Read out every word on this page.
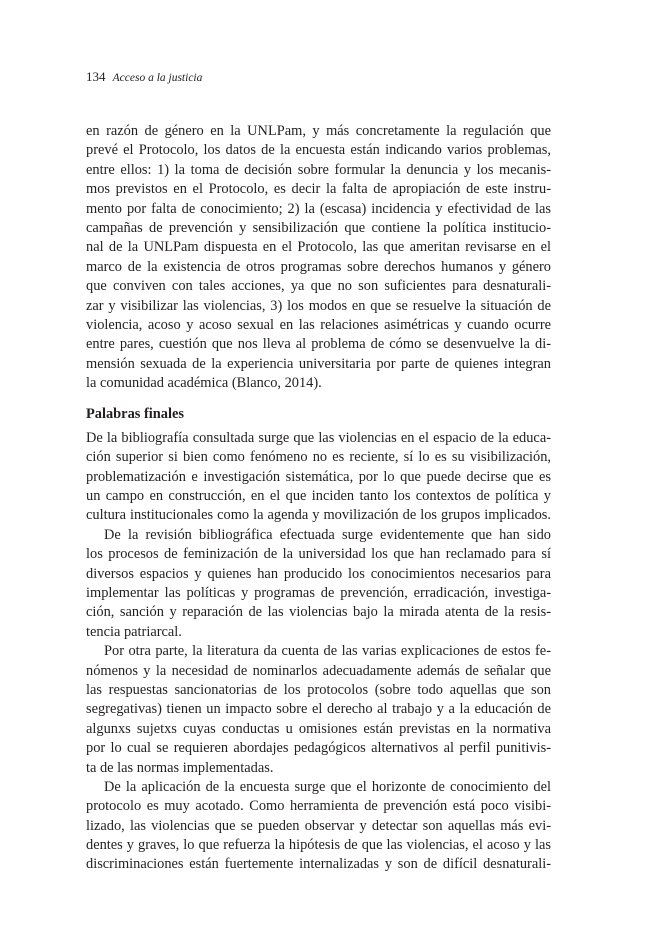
134 Acceso a la justicia
en razón de género en la UNLPam, y más concretamente la regulación que
prevé el Protocolo, los datos de la encuesta están indicando varios problemas,
entre ellos: 1) la toma de decisión sobre formular la denuncia y los mecanis-
mos previstos en el Protocolo, es decir la falta de apropiación de este instru-
mento por falta de conocimiento; 2) la (escasa) incidencia y efectividad de las
campañas de prevención y sensibilización que contiene la política institucio-
nal de la UNLPam dispuesta en el Protocolo, las que ameritan revisarse en el
marco de la existencia de otros programas sobre derechos humanos y género
que conviven con tales acciones, ya que no son suficientes para desnaturali-
zar y visibilizar las violencias, 3) los modos en que se resuelve la situación de
violencia, acoso y acoso sexual en las relaciones asimétricas y cuando ocurre
entre pares, cuestión que nos lleva al problema de cómo se desenvuelve la di-
mensión sexuada de la experiencia universitaria por parte de quienes integran
la comunidad académica (Blanco, 2014).
Palabras finales
De la bibliografía consultada surge que las violencias en el espacio de la educa-
ción superior si bien como fenómeno no es reciente, sí lo es su visibilización,
problematización e investigación sistemática, por lo que puede decirse que es
un campo en construcción, en el que inciden tanto los contextos de política y
cultura institucionales como la agenda y movilización de los grupos implicados.
De la revisión bibliográfica efectuada surge evidentemente que han sido
los procesos de feminización de la universidad los que han reclamado para sí
diversos espacios y quienes han producido los conocimientos necesarios para
implementar las políticas y programas de prevención, erradicación, investiga-
ción, sanción y reparación de las violencias bajo la mirada atenta de la resis-
tencia patriarcal.
Por otra parte, la literatura da cuenta de las varias explicaciones de estos fe-
nómenos y la necesidad de nominarlos adecuadamente además de señalar que
las respuestas sancionatorias de los protocolos (sobre todo aquellas que son
segregativas) tienen un impacto sobre el derecho al trabajo y a la educación de
algunxs sujetxs cuyas conductas u omisiones están previstas en la normativa
por lo cual se requieren abordajes pedagógicos alternativos al perfil punitivis-
ta de las normas implementadas.
De la aplicación de la encuesta surge que el horizonte de conocimiento del
protocolo es muy acotado. Como herramienta de prevención está poco visibi-
lizado, las violencias que se pueden observar y detectar son aquellas más evi-
dentes y graves, lo que refuerza la hipótesis de que las violencias, el acoso y las
discriminaciones están fuertemente internalizadas y son de difícil desnaturali-
